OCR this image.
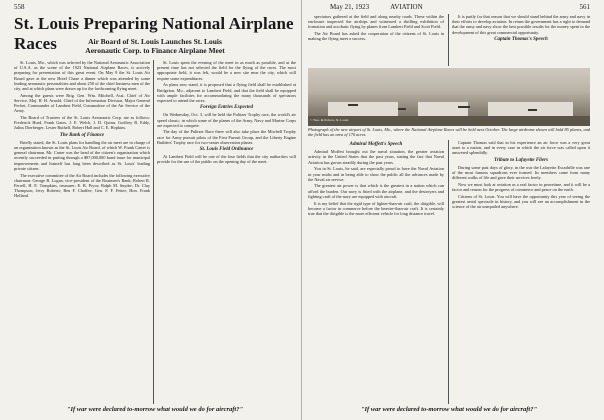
558	May 21, 1923	AVIATION	561
St. Louis Preparing National Airplane Races	Air Board of St. Louis Launches St. Louis
Aeronautic Corp. to Finance Airplane Meet

St. Louis, Mo., which was selected by the National Aeronautic Association of U.S.A. as the scene of the 1923 National Airplane Races, is actively preparing for presentation of this great event. On May 9 the St. Louis Air Board gave at the new Hotel Chase a dinner which was attended by some leading aeronautic personalities and about 250 of the chief business men of the city, and at which plans were drawn up for the forthcoming flying meet.

Among the guests were Brig. Gen. Wm. Mitchell, Asst. Chief of Air Service, Maj. H. H. Arnold, Chief of the Information Division, Major General Fechet, Commander of Lambert Field, Commodore of the Air Service of the Army.

The Board of Trustees of the St. Louis Aeronautic Corp. are as follows: Frederick Hurd, Frank Gates, J. E. Welch, J. D. Quinn, Godfrey B. Eddy, Julius Dierberger, Lester Ruthell, Robert Hall and C. E. Hopkins.

The Bank of Finance

Briefly stated, the St. Louis plans for handling the air meet are in charge of an organization known as the St. Louis Air Board, of which W. Frank Carter is general chairman. Mr. Carter was the head of the citizen's organization which recently succeeded in putting through a $87,000,000 bond issue for municipal improvements and himself has long been described as St. Louis' leading private citizen.

The executive committee of the Air Board includes the following executive chairman: George B. Logan, vice-president of the Boatmen's Bank; Robert R. Ferrell; H. E. Tompkins, treasurer; E. B. Pryor; Ralph M. Snyder; Dr. Clay Thompson; Jerry Roberts; Ben F. Chaffee; Gen. F. F. Fetter; Hon. Frank Holland.

St. Louis spent the evening of the meet in as much as possible, and at the present time has not selected the field for the flying of the races. The most appropriate field, it was felt, would be a new site near the city, which will require some expenditures.

As plans now stand, it is proposed that a flying field shall be established at Bridgeton, Mo., adjacent to Lambert Field, and that the field shall be equipped with ample facilities for accommodating the many thousands of spectators expected to attend the races.

Foreign Entries Expected

On Wednesday, Oct. 3, will be held the Pulitzer Trophy race, the world's air speed classic, in which some of the planes of the Army, Navy and Marine Corps are expected to compete.

The day of the Pulitzer Race there will also take place the Mitchell Trophy race for Army pursuit pilots of the First Pursuit Group, and the Liberty Engine Builders' Trophy race for two-seater observation planes.

St. Louis Field Ordinance

At Lambert Field will be one of the four fields that the city authorities will provide for the use of the public on the opening day of the meet.

spectators gathered at the field and along nearby roads. These within the enclosure inspected the airships and witnessed a thrilling exhibition of formation and acrobatic flying by planes from Lambert Field and Scott Field.

The Air Board has asked the cooperation of the citizens of St. Louis in making the flying meet a success.

It is partly for that reason that we should stand behind the army and navy in their efforts to develop aviation. In return the government has a right to demand that the army and navy show the best possible results for the money spent in the development of this great commercial opportunity.

Captain Thomas's Speech
© Sun. & Polson, St. Louis
Photograph of the new airport of St. Louis, Mo., where the National Airplane Races will be held next October. The large airdrome shown will hold 85 planes, and the field has an area of 170 acres.
Admiral Moffett's Speech

Admiral Moffett brought out the naval situation, the greater aviation activity in the United States that the past years, stating the fact that Naval Aviation has grown steadily during the past years.

You in St. Louis, he said, are especially proud to have the Naval Aviation in your midst and in being able to show the public all the advances made by the Naval air service.

The greatest air power is that which is the greatest in a nation which can afford the burden. Our navy is fitted with the airplane, and the destroyers and fighting craft of the navy are equipped with aircraft.

It is my belief that the rigid type of lighter-than-air craft, the dirigible, will become a factor in commerce before the heavier-than-air craft. It is certainly true that the dirigible is the more efficient vehicle for long distance travel.

Captain Thomas said that in his experience an air force was a very great asset to a nation, and in every case in which the air force was called upon it answered splendidly.

Tribute to Lafayette Fliers

During some past days of glory, in the war the Lafayette Escadrille was one of the most famous squadrons ever formed. Its members came from many different walks of life and gave their services freely.

Now we must look at aviation as a real factor in peacetime, and it will be a factor and reason for the progress of commerce and peace on the earth.

Citizens of St. Louis: You will have the opportunity this year of seeing the greatest aerial spectacle in history, and you will see an accomplishment in the science of the air unequaled anywhere.

"If war were declared to-morrow what would we do for aircraft?"	"If war were declared to-morrow what would we do for aircraft?"
